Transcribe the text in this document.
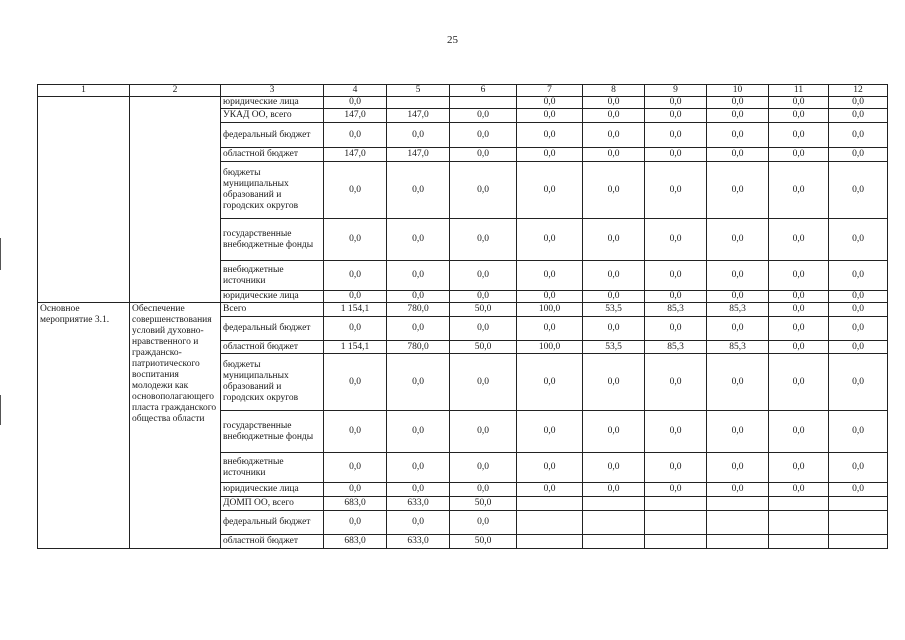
25
1	2	3	4	5	6	7	8	9	10	11	12
		юридические лица	0,0			0,0	0,0	0,0	0,0	0,0	0,0
		УКАД ОО, всего	147,0	147,0	0,0	0,0	0,0	0,0	0,0	0,0	0,0
		федеральный бюджет	0,0	0,0	0,0	0,0	0,0	0,0	0,0	0,0	0,0
		областной бюджет	147,0	147,0	0,0	0,0	0,0	0,0	0,0	0,0	0,0
		бюджеты муниципальных образований и городских округов	0,0	0,0	0,0	0,0	0,0	0,0	0,0	0,0	0,0
		государственные внебюджетные фонды	0,0	0,0	0,0	0,0	0,0	0,0	0,0	0,0	0,0
		внебюджетные источники	0,0	0,0	0,0	0,0	0,0	0,0	0,0	0,0	0,0
		юридические лица	0,0	0,0	0,0	0,0	0,0	0,0	0,0	0,0	0,0
Основное мероприятие 3.1.	Обеспечение совершенствования условий духовно-нравственного и гражданско-патриотического воспитания молодежи как основополагающего пласта гражданского общества области	Всего	1 154,1	780,0	50,0	100,0	53,5	85,3	85,3	0,0	0,0
		федеральный бюджет	0,0	0,0	0,0	0,0	0,0	0,0	0,0	0,0	0,0
		областной бюджет	1 154,1	780,0	50,0	100,0	53,5	85,3	85,3	0,0	0,0
		бюджеты муниципальных образований и городских округов	0,0	0,0	0,0	0,0	0,0	0,0	0,0	0,0	0,0
		государственные внебюджетные фонды	0,0	0,0	0,0	0,0	0,0	0,0	0,0	0,0	0,0
		внебюджетные источники	0,0	0,0	0,0	0,0	0,0	0,0	0,0	0,0	0,0
		юридические лица	0,0	0,0	0,0	0,0	0,0	0,0	0,0	0,0	0,0
		ДОМП ОО, всего	683,0	633,0	50,0						
		федеральный бюджет	0,0	0,0	0,0						
		областной бюджет	683,0	633,0	50,0						
